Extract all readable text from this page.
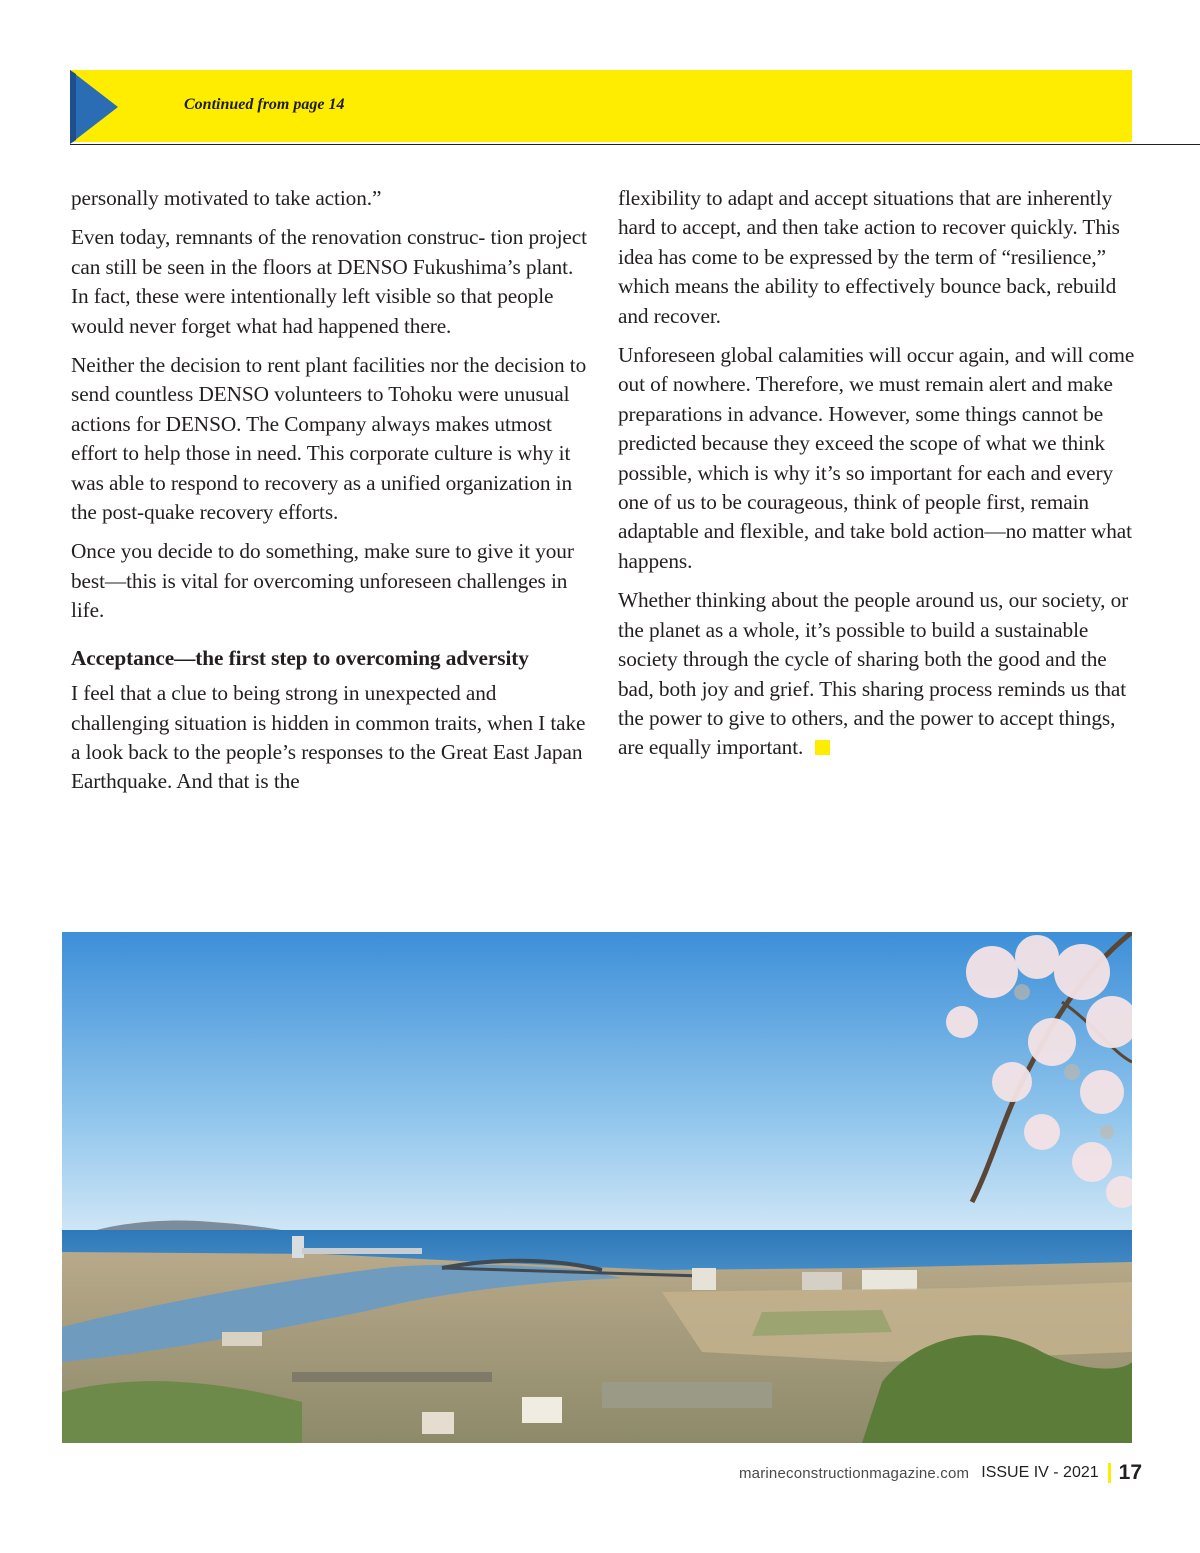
Continued from page 14

personally motivated to take action.”

Even today, remnants of the renovation construc- tion project can still be seen in the floors at DENSO Fukushima’s plant. In fact, these were intentionally left visible so that people would never forget what had happened there.

Neither the decision to rent plant facilities nor the decision to send countless DENSO volunteers to Tohoku were unusual actions for DENSO. The Company always makes utmost effort to help those in need. This corporate culture is why it was able to respond to recovery as a unified organization in the post-quake recovery efforts.

Once you decide to do something, make sure to give it your best—this is vital for overcoming unforeseen challenges in life.

Acceptance—the first step to overcoming adversity

I feel that a clue to being strong in unexpected and challenging situation is hidden in common traits, when I take a look back to the people’s responses to the Great East Japan Earthquake. And that is the

flexibility to adapt and accept situations that are inherently hard to accept, and then take action to recover quickly. This idea has come to be expressed by the term of “resilience,” which means the ability to effectively bounce back, rebuild and recover.

Unforeseen global calamities will occur again, and will come out of nowhere. Therefore, we must remain alert and make preparations in advance. However, some things cannot be predicted because they exceed the scope of what we think possible, which is why it’s so important for each and every one of us to be courageous, think of people first, remain adaptable and flexible, and take bold action—no matter what happens.

Whether thinking about the people around us, our society, or the planet as a whole, it’s possible to build a sustainable society through the cycle of sharing both the good and the bad, both joy and grief. This sharing process reminds us that the power to give to others, and the power to accept things, are equally important.

marineconstructionmagazine.com ISSUE IV - 2021 17
